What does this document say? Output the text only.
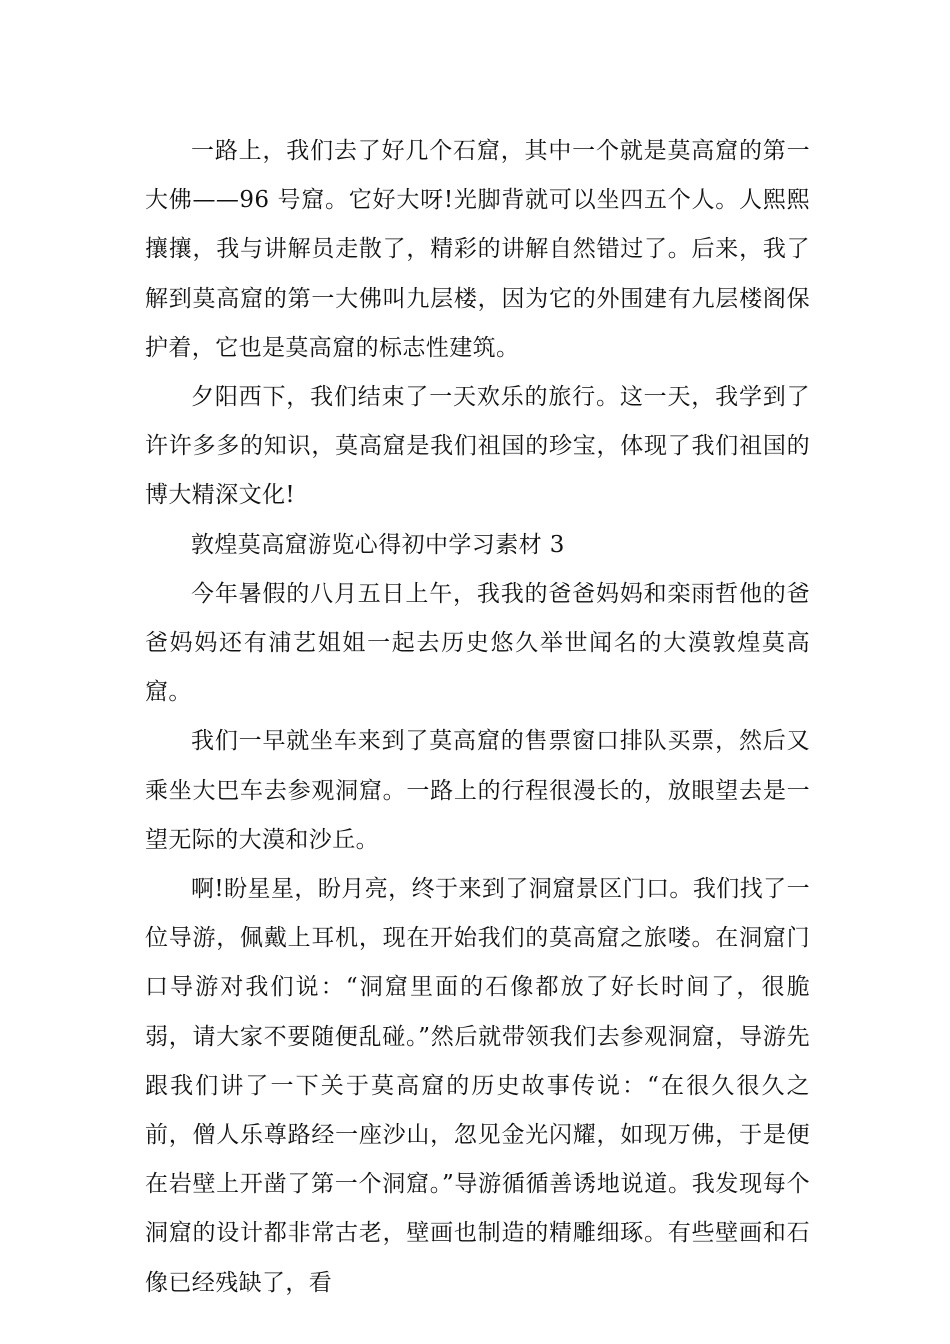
一路上，我们去了好几个石窟，其中一个就是莫高窟的第一大佛——96 号窟。它好大呀!光脚背就可以坐四五个人。人熙熙攘攘，我与讲解员走散了，精彩的讲解自然错过了。后来，我了解到莫高窟的第一大佛叫九层楼，因为它的外围建有九层楼阁保护着，它也是莫高窟的标志性建筑。

夕阳西下，我们结束了一天欢乐的旅行。这一天，我学到了许许多多的知识，莫高窟是我们祖国的珍宝，体现了我们祖国的博大精深文化!

敦煌莫高窟游览心得初中学习素材 3

今年暑假的八月五日上午，我我的爸爸妈妈和栾雨哲他的爸爸妈妈还有浦艺姐姐一起去历史悠久举世闻名的大漠敦煌莫高窟。

我们一早就坐车来到了莫高窟的售票窗口排队买票，然后又乘坐大巴车去参观洞窟。一路上的行程很漫长的，放眼望去是一望无际的大漠和沙丘。

啊!盼星星，盼月亮，终于来到了洞窟景区门口。我们找了一位导游，佩戴上耳机，现在开始我们的莫高窟之旅喽。在洞窟门口导游对我们说：“洞窟里面的石像都放了好长时间了，很脆弱，请大家不要随便乱碰。”然后就带领我们去参观洞窟，导游先跟我们讲了一下关于莫高窟的历史故事传说：“在很久很久之前，僧人乐尊路经一座沙山，忽见金光闪耀，如现万佛，于是便在岩壁上开凿了第一个洞窟。”导游循循善诱地说道。我发现每个洞窟的设计都非常古老，壁画也制造的精雕细琢。有些壁画和石像已经残缺了，看
